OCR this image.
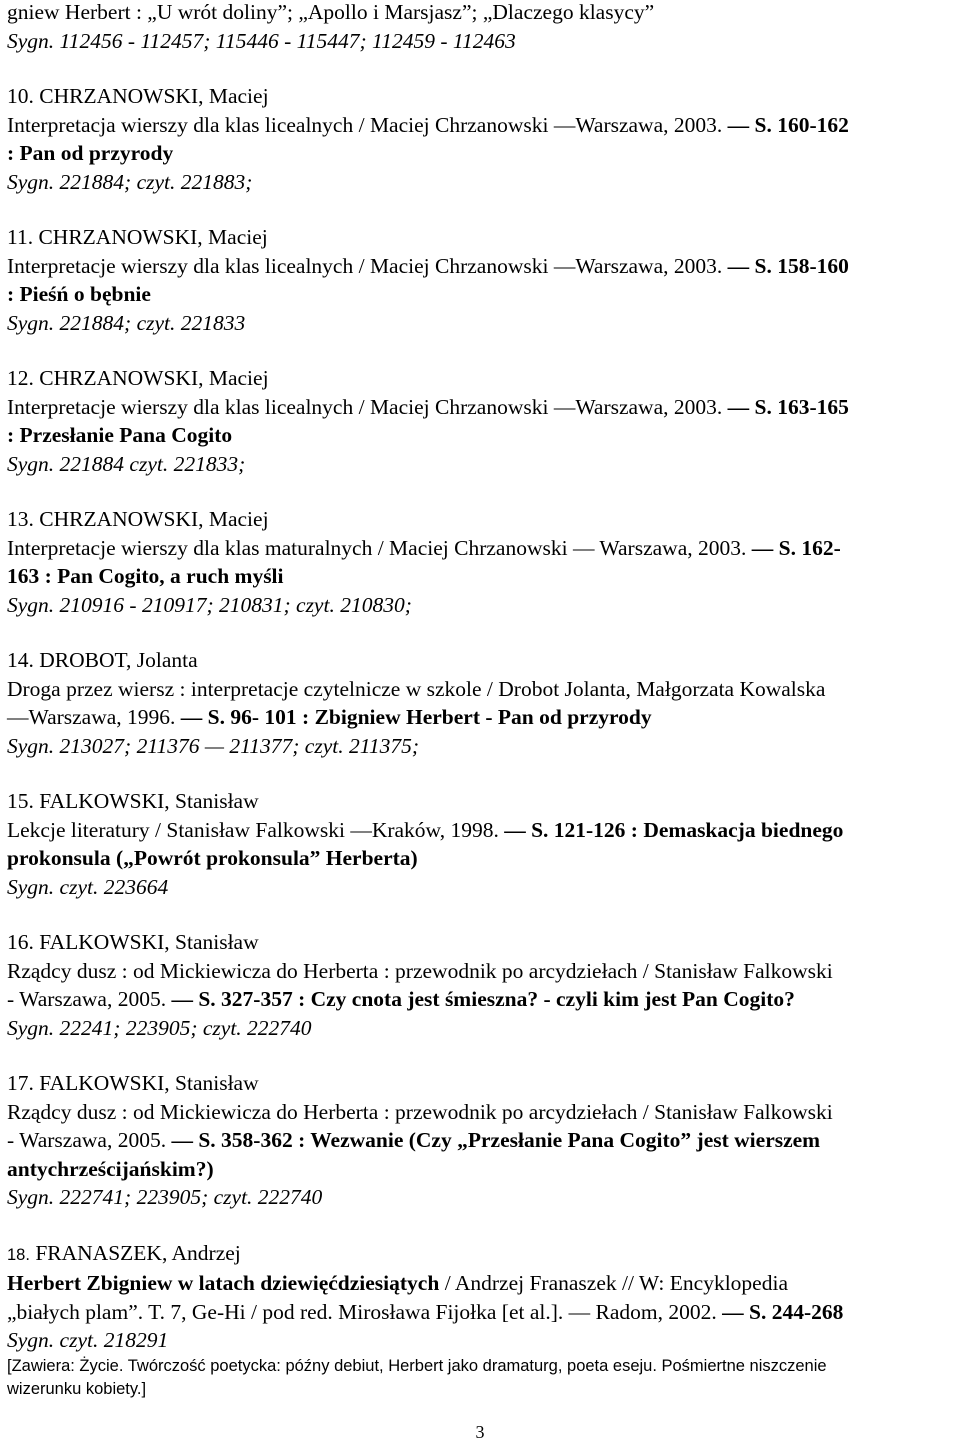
gniew Herbert : „U wrót doliny”; „Apollo i Marsjasz”; „Dlaczego klasycy”
Sygn. 112456 - 112457; 115446 - 115447; 112459 - 112463
10. CHRZANOWSKI, Maciej
Interpretacja wierszy dla klas licealnych / Maciej Chrzanowski —Warszawa, 2003. — S. 160-162
: Pan od przyrody
Sygn. 221884; czyt. 221883;
11. CHRZANOWSKI, Maciej
Interpretacje wierszy dla klas licealnych / Maciej Chrzanowski —Warszawa, 2003. — S. 158-160
: Pieśń o bębnie
Sygn. 221884; czyt. 221833
12. CHRZANOWSKI, Maciej
Interpretacje wierszy dla klas licealnych / Maciej Chrzanowski —Warszawa, 2003. — S. 163-165
: Przesłanie Pana Cogito
Sygn. 221884 czyt. 221833;
13. CHRZANOWSKI, Maciej
Interpretacje wierszy dla klas maturalnych / Maciej Chrzanowski — Warszawa, 2003. — S. 162-
163 : Pan Cogito, a ruch myśli
Sygn. 210916 - 210917; 210831; czyt. 210830;
14. DROBOT, Jolanta
Droga przez wiersz : interpretacje czytelnicze w szkole / Drobot Jolanta, Małgorzata Kowalska
—Warszawa, 1996. — S. 96- 101 : Zbigniew Herbert - Pan od przyrody
Sygn. 213027; 211376 — 211377; czyt. 211375;
15. FALKOWSKI, Stanisław
Lekcje literatury / Stanisław Falkowski —Kraków, 1998. — S. 121-126 : Demaskacja biednego
prokonsula („Powrót prokonsula” Herberta)
Sygn. czyt. 223664
16. FALKOWSKI, Stanisław
Rządcy dusz : od Mickiewicza do Herberta : przewodnik po arcydziełach / Stanisław Falkowski
- Warszawa, 2005. — S. 327-357 : Czy cnota jest śmieszna? - czyli kim jest Pan Cogito?
Sygn. 22241; 223905; czyt. 222740
17. FALKOWSKI, Stanisław
Rządcy dusz : od Mickiewicza do Herberta : przewodnik po arcydziełach / Stanisław Falkowski
- Warszawa, 2005. — S. 358-362 : Wezwanie (Czy „Przesłanie Pana Cogito” jest wierszem
antychrześcijańskim?)
Sygn. 222741; 223905; czyt. 222740
18. FRANASZEK, Andrzej
Herbert Zbigniew w latach dziewięćdziesiątych / Andrzej Franaszek // W: Encyklopedia
„białych plam”. T. 7, Ge-Hi / pod red. Mirosława Fijołka [et al.]. — Radom, 2002. — S. 244-268
Sygn. czyt. 218291
[Zawiera: Życie. Twórczość poetycka: późny debiut, Herbert jako dramaturg, poeta eseju. Pośmiertne niszczenie
wizerunku kobiety.]
3
